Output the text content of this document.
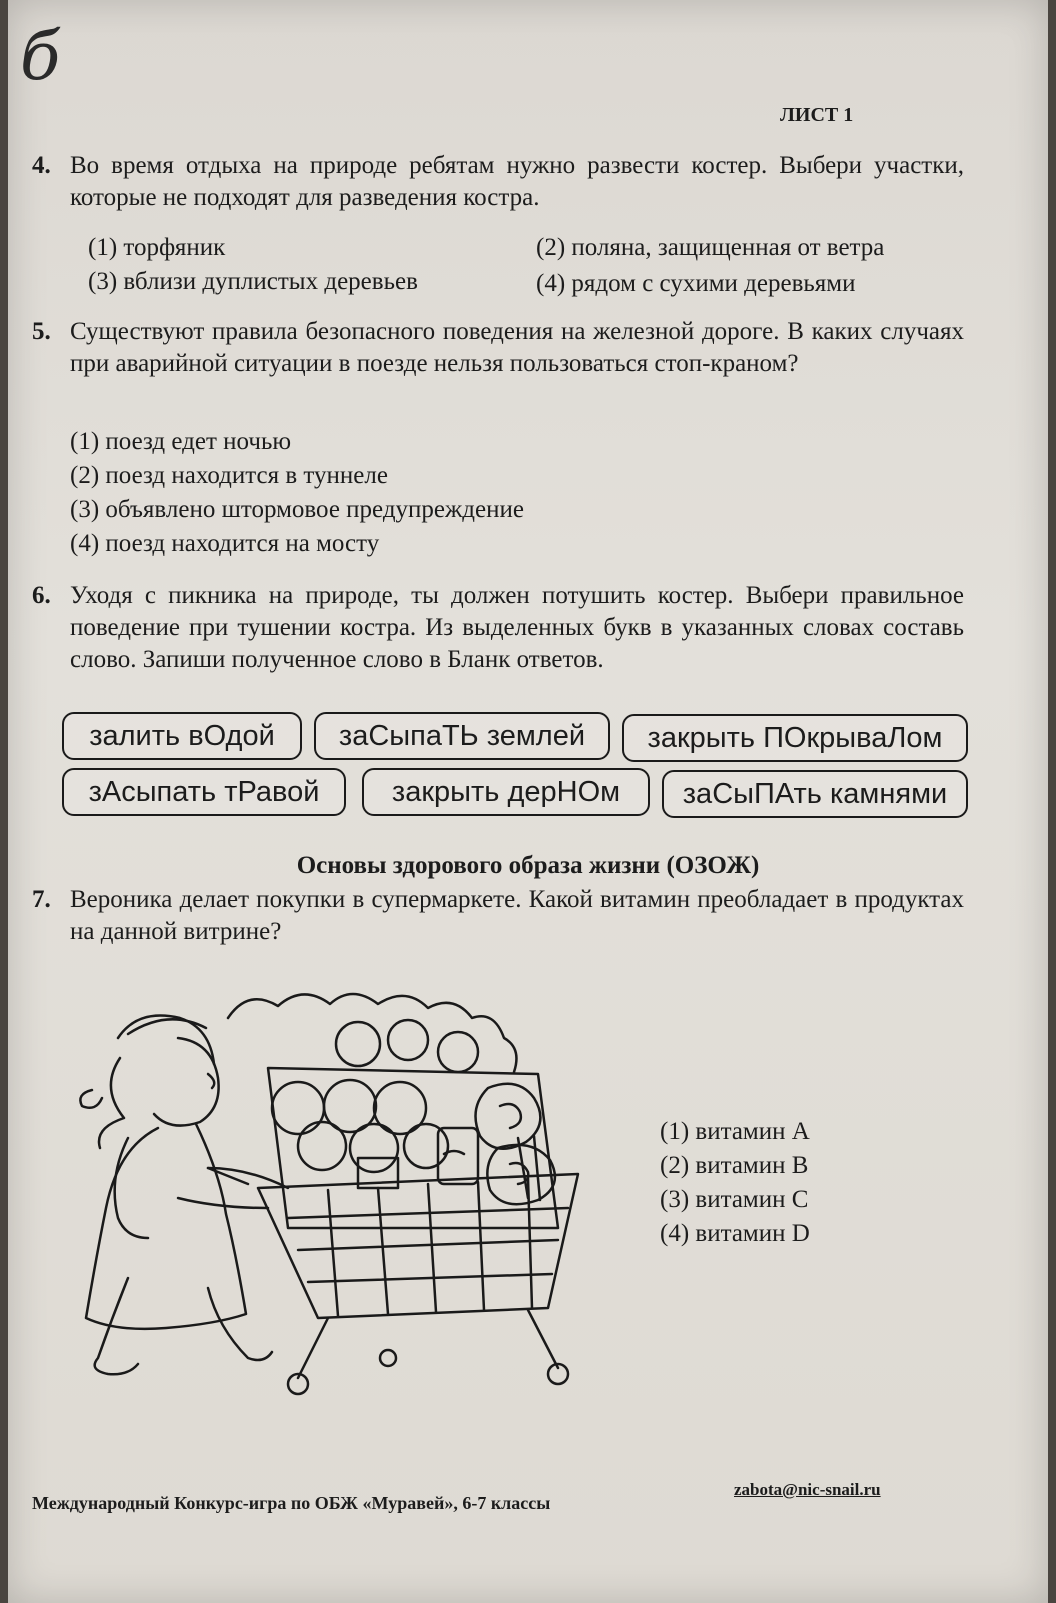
б
ЛИСТ 1
4. Во время отдыха на природе ребятам нужно развести костер. Выбери участки, которые не подходят для разведения костра.
(1) торфяник	(2) поляна, защищенная от ветра
(3) вблизи дуплистых деревьев	(4) рядом с сухими деревьями
5. Существуют правила безопасного поведения на железной дороге. В каких случаях при аварийной ситуации в поезде нельзя пользоваться стоп-краном?
(1) поезд едет ночью
(2) поезд находится в туннеле
(3) объявлено штормовое предупреждение
(4) поезд находится на мосту
6. Уходя с пикника на природе, ты должен потушить костер. Выбери правильное поведение при тушении костра. Из выделенных букв в указанных словах составь слово. Запиши полученное слово в Бланк ответов.
залить вОдой	заСыпаТЬ землей	закрыть ПОкрываЛом
зАсыпать тРавой	закрыть дерНОм	заСыПАть камнями
Основы здорового образа жизни (ОЗОЖ)
7. Вероника делает покупки в супермаркете. Какой витамин преобладает в продуктах на данной витрине?
(1) витамин A
(2) витамин B
(3) витамин C
(4) витамин D
Международный Конкурс-игра по ОБЖ «Муравей», 6-7 классы
zabota@nic-snail.ru
